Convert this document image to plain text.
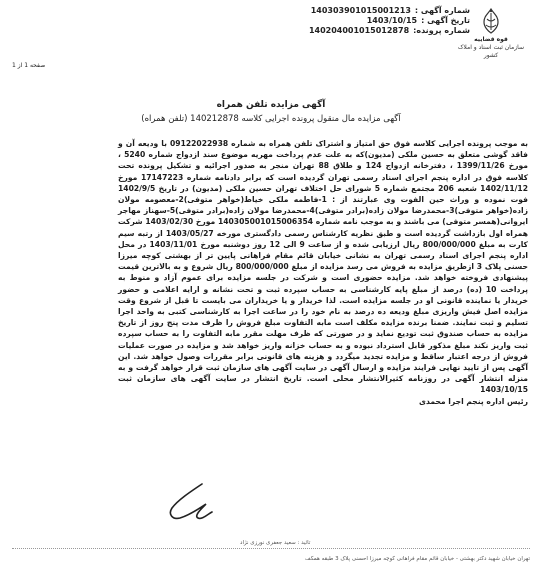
شماره آگهی :
140303901015001213
تاریخ آگهی :
1403/10/15
شماره پرونده:
140204001015012878
قوه قضاییه
سازمان ثبت اسناد و املاک کشور
صفحه 1 از 1
آگهی مزایده تلفن همراه
آگهی مزایده مال منقول پرونده اجرایی کلاسه 140212878 (تلفن همراه)

به موجب پرونده اجرایی کلاسه فوق حق امتیاز و اشتراک تلفن همراه به شماره 09122022938 با ودیعه آن و فاقد گوشی متعلق به حسین ملکی (مدیون)که به علت عدم پرداخت مهریه موضوع سند ازدواج شماره 5240 ، مورخ 1399/11/26 ، دفترخانه ازدواج 124 و طلاق 88 تهران منجر به صدور اجرائیه و تشکیل پرونده تحت کلاسه فوق در اداره پنجم اجرای اسناد رسمی تهران گردیده است که برابر دادنامه شماره 17147223 مورخ 1402/11/12 شعبه 206 مجتمع شماره 5 شورای حل اختلاف تهران حسین ملکی (مدیون) در تاریخ 1402/9/5 فوت نموده و وراث حین الفوت وی عبارتند از : 1-فاطمه ملکی خیاط(خواهر متوفی)2-معصومه مولان زاده(خواهر متوفی)3-محمدرضا مولان زاده(برادر متوفی)4-محمدرضا مولان زاده(برادر متوفی)5-سهناز مهاجر ایروانی(همسر متوفی) می باشند و به موجب نامه شماره 140305001015006354 مورخ 1403/02/30 شرکت همراه اول بازداشت گردیده است و طبق نظریه کارشناس رسمی دادگستری مورخه 1403/05/27 از رتبه سیم کارت به مبلغ 800/000/000 ریال ارزیابی شده و از ساعت 9 الی 12 روز دوشنبه مورخ 1403/11/01 در محل اداره پنجم اجرای اسناد رسمی تهران به نشانی خیابان قائم مقام فراهانی پایین تر از بهشتی کوچه میرزا حسنی پلاک 3 ازطریق مزایده به فروش می رسد مزایده از مبلغ 800/000/000 ریال شروع و به بالاترین قیمت پیشنهادی فروخته خواهد شد. مزایده حضوری است و شرکت در جلسه مزایده برای عموم آزاد و منوط به پرداخت 10 (ده) درصد از مبلغ پایه کارشناسی به حساب سپرده ثبت و تحت نشانه و ارایه اعلامی و حضور خریدار یا نماینده قانونی او در جلسه مزایده است. لذا خریدار و یا خریداران می بایست تا قبل از شروع وقت مزایده اصل فیش واریزی مبلغ ودیعه ده درصد به نام خود را در ساعت اجرا به کارشناسی کتبی به واحد اجرا تسلیم و ثبت نمایند. ضمنا برنده مزایده مکلف است مابه التفاوت مبلغ فروش را ظرف مدت پنج روز از تاریخ مزایده به حساب صندوق ثبت تودیع نماید و در صورتی که ظرف مهلت مقرر مابه التفاوت را به حساب سپرده ثبت واریز نکند مبلغ مذکور قابل استرداد نبوده و به حساب خزانه واریز خواهد شد و مزایده در صورت عملیات فروش از درجه اعتبار ساقط و مزایده تجدید میگردد و هزینه های قانونی برابر مقررات وصول خواهد شد. این آگهی پس از تایید نهایی فرایند مزایده و ارسال آگهی در سایت آگهی های سازمان ثبت قرار خواهد گرفت و به منزله انتشار آگهی در روزنامه کثیرالانتشار محلی است. تاریخ انتشار در سایت آگهی های سازمان ثبت 1403/10/15

رئیس اداره پنجم اجرا محمدی

تائید : سعید جعفری نورزی نژاد
تهران خیابان شهید دکتر بهشتی - خیابان قائم مقام فراهانی کوچه میرزا احسنی پلاک 3 طبقه همکف
